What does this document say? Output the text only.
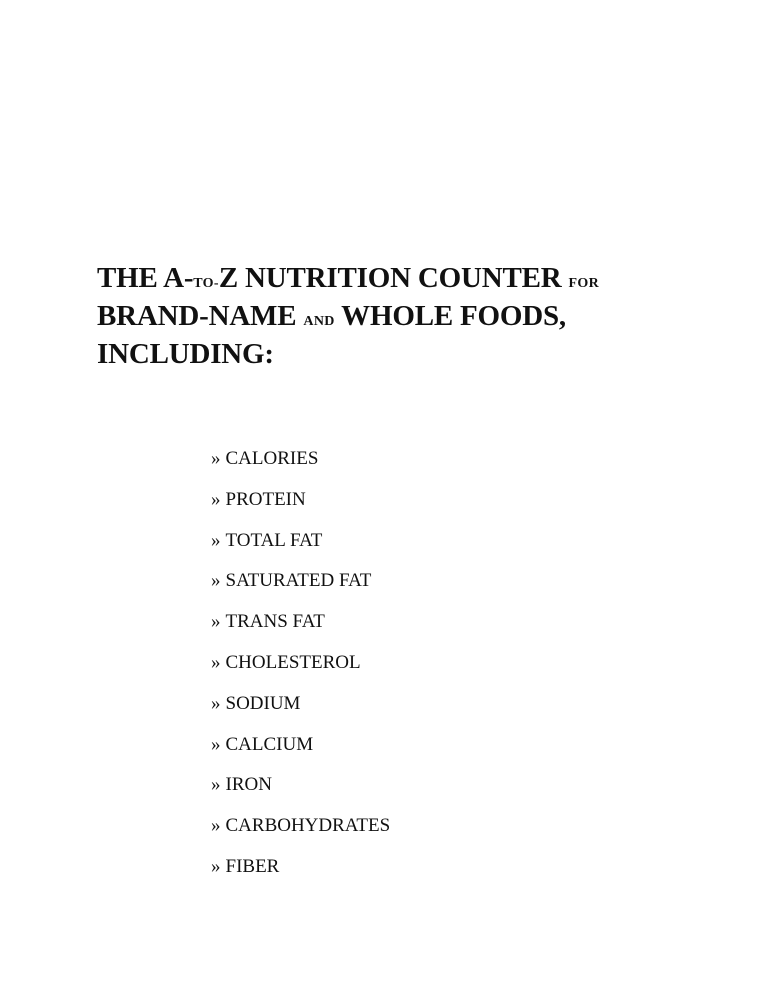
THE A-TO-Z NUTRITION COUNTER FOR
BRAND-NAME AND WHOLE FOODS,
INCLUDING:
» CALORIES
» PROTEIN
» TOTAL FAT
» SATURATED FAT
» TRANS FAT
» CHOLESTEROL
» SODIUM
» CALCIUM
» IRON
» CARBOHYDRATES
» FIBER
